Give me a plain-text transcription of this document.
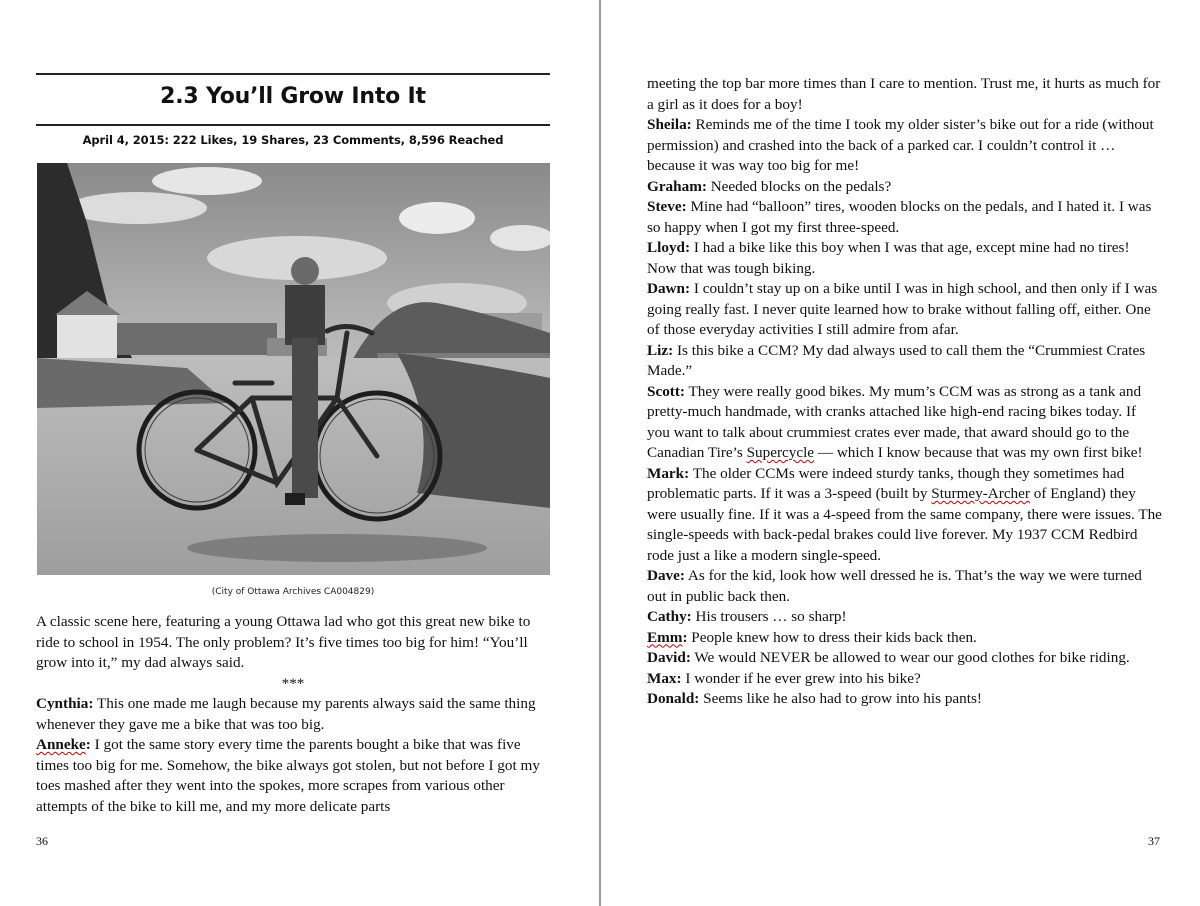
2.3 You’ll Grow Into It
April 4, 2015: 222 Likes, 19 Shares, 23 Comments, 8,596 Reached
(City of Ottawa Archives CA004829)

A classic scene here, featuring a young Ottawa lad who got this great new bike to ride to school in 1954. The only problem? It’s five times too big for him! “You’ll grow into it,” my dad always said.

***

Cynthia: This one made me laugh because my parents always said the same thing whenever they gave me a bike that was too big.

Anneke: I got the same story every time the parents bought a bike that was five times too big for me. Somehow, the bike always got stolen, but not before I got my toes mashed after they went into the spokes, more scrapes from various other attempts of the bike to kill me, and my more delicate parts

36

meeting the top bar more times than I care to mention. Trust me, it hurts as much for a girl as it does for a boy!

Sheila: Reminds me of the time I took my older sister’s bike out for a ride (without permission) and crashed into the back of a parked car. I couldn’t control it … because it was way too big for me!

Graham: Needed blocks on the pedals?

Steve: Mine had “balloon” tires, wooden blocks on the pedals, and I hated it. I was so happy when I got my first three-speed.

Lloyd: I had a bike like this boy when I was that age, except mine had no tires! Now that was tough biking.

Dawn: I couldn’t stay up on a bike until I was in high school, and then only if I was going really fast. I never quite learned how to brake without falling off, either. One of those everyday activities I still admire from afar.

Liz: Is this bike a CCM? My dad always used to call them the “Crummiest Crates Made.”

Scott: They were really good bikes. My mum’s CCM was as strong as a tank and pretty-much handmade, with cranks attached like high-end racing bikes today. If you want to talk about crummiest crates ever made, that award should go to the Canadian Tire’s Supercycle — which I know because that was my own first bike!

Mark: The older CCMs were indeed sturdy tanks, though they sometimes had problematic parts. If it was a 3-speed (built by Sturmey-Archer of England) they were usually fine. If it was a 4-speed from the same company, there were issues. The single-speeds with back-pedal brakes could live forever. My 1937 CCM Redbird rode just a like a modern single-speed.

Dave: As for the kid, look how well dressed he is. That’s the way we were turned out in public back then.

Cathy: His trousers … so sharp!

Emm: People knew how to dress their kids back then.

David: We would NEVER be allowed to wear our good clothes for bike riding.

Max: I wonder if he ever grew into his bike?

Donald: Seems like he also had to grow into his pants!

37
